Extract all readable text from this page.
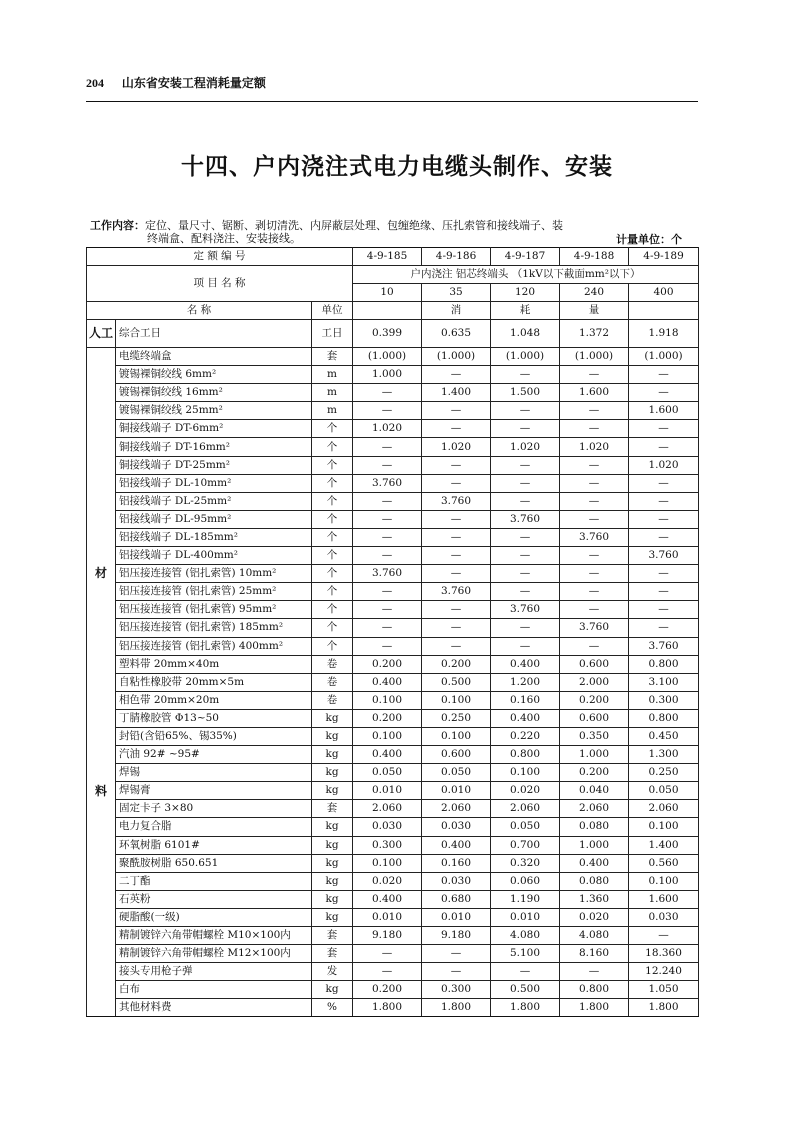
204 山东省安装工程消耗量定额
十四、户内浇注式电力电缆头制作、安装
工作内容：定位、量尺寸、锯断、剥切清洗、内屏蔽层处理、包缠绝缘、压扎索管和接线端子、装
终端盒、配料浇注、安装接线。	计量单位：个
定 额 编 号			4-9-185	4-9-186	4-9-187	4-9-188	4-9-189
项 目 名 称			户内浇注 铝芯终端头 （1kV以下截面mm²以下）				
			10	35	120	240	400
名 称		单位		消	耗	量	
人工	综合工日	工日	0.399	0.635	1.048	1.372	1.918

材
料	电缆终端盒	套	(1.000)	(1.000)	(1.000)	(1.000)	(1.000)
	镀锡裸铜绞线 6mm²	m	1.000	—	—	—	—
	镀锡裸铜绞线 16mm²	m	—	1.400	1.500	1.600	—
	镀锡裸铜绞线 25mm²	m	—	—	—	—	1.600
	铜接线端子 DT-6mm²	个	1.020	—	—	—	—
	铜接线端子 DT-16mm²	个	—	1.020	1.020	1.020	—
	铜接线端子 DT-25mm²	个	—	—	—	—	1.020
	铝接线端子 DL-10mm²	个	3.760	—	—	—	—
	铝接线端子 DL-25mm²	个	—	3.760	—	—	—
	铝接线端子 DL-95mm²	个	—	—	3.760	—	—
	铝接线端子 DL-185mm²	个	—	—	—	3.760	—
	铝接线端子 DL-400mm²	个	—	—	—	—	3.760
	铝压接连接管 (铝扎索管) 10mm²	个	3.760	—	—	—	—
	铝压接连接管 (铝扎索管) 25mm²	个	—	3.760	—	—	—
	铝压接连接管 (铝扎索管) 95mm²	个	—	—	3.760	—	—
	铝压接连接管 (铝扎索管) 185mm²	个	—	—	—	3.760	—
	铝压接连接管 (铝扎索管) 400mm²	个	—	—	—	—	3.760
	塑料带 20mm×40m	卷	0.200	0.200	0.400	0.600	0.800
	自粘性橡胶带 20mm×5m	卷	0.400	0.500	1.200	2.000	3.100
	相色带 20mm×20m	卷	0.100	0.100	0.160	0.200	0.300
	丁腈橡胶管 Φ13~50	kg	0.200	0.250	0.400	0.600	0.800
	封铅(含铅65%、锡35%)	kg	0.100	0.100	0.220	0.350	0.450
	汽油 92# ~95#	kg	0.400	0.600	0.800	1.000	1.300
	焊锡	kg	0.050	0.050	0.100	0.200	0.250
	焊锡膏	kg	0.010	0.010	0.020	0.040	0.050
	固定卡子 3×80	套	2.060	2.060	2.060	2.060	2.060
	电力复合脂	kg	0.030	0.030	0.050	0.080	0.100
	环氧树脂 6101#	kg	0.300	0.400	0.700	1.000	1.400
	聚酰胺树脂 650.651	kg	0.100	0.160	0.320	0.400	0.560
	二丁酯	kg	0.020	0.030	0.060	0.080	0.100
	石英粉	kg	0.400	0.680	1.190	1.360	1.600
	硬脂酸(一级)	kg	0.010	0.010	0.010	0.020	0.030
	精制镀锌六角带帽螺栓 M10×100内	套	9.180	9.180	4.080	4.080	—
	精制镀锌六角带帽螺栓 M12×100内	套	—	—	5.100	8.160	18.360
	接头专用枪子弹	发	—	—	—	—	12.240
	白布	kg	0.200	0.300	0.500	0.800	1.050
	其他材料费	%	1.800	1.800	1.800	1.800	1.800
